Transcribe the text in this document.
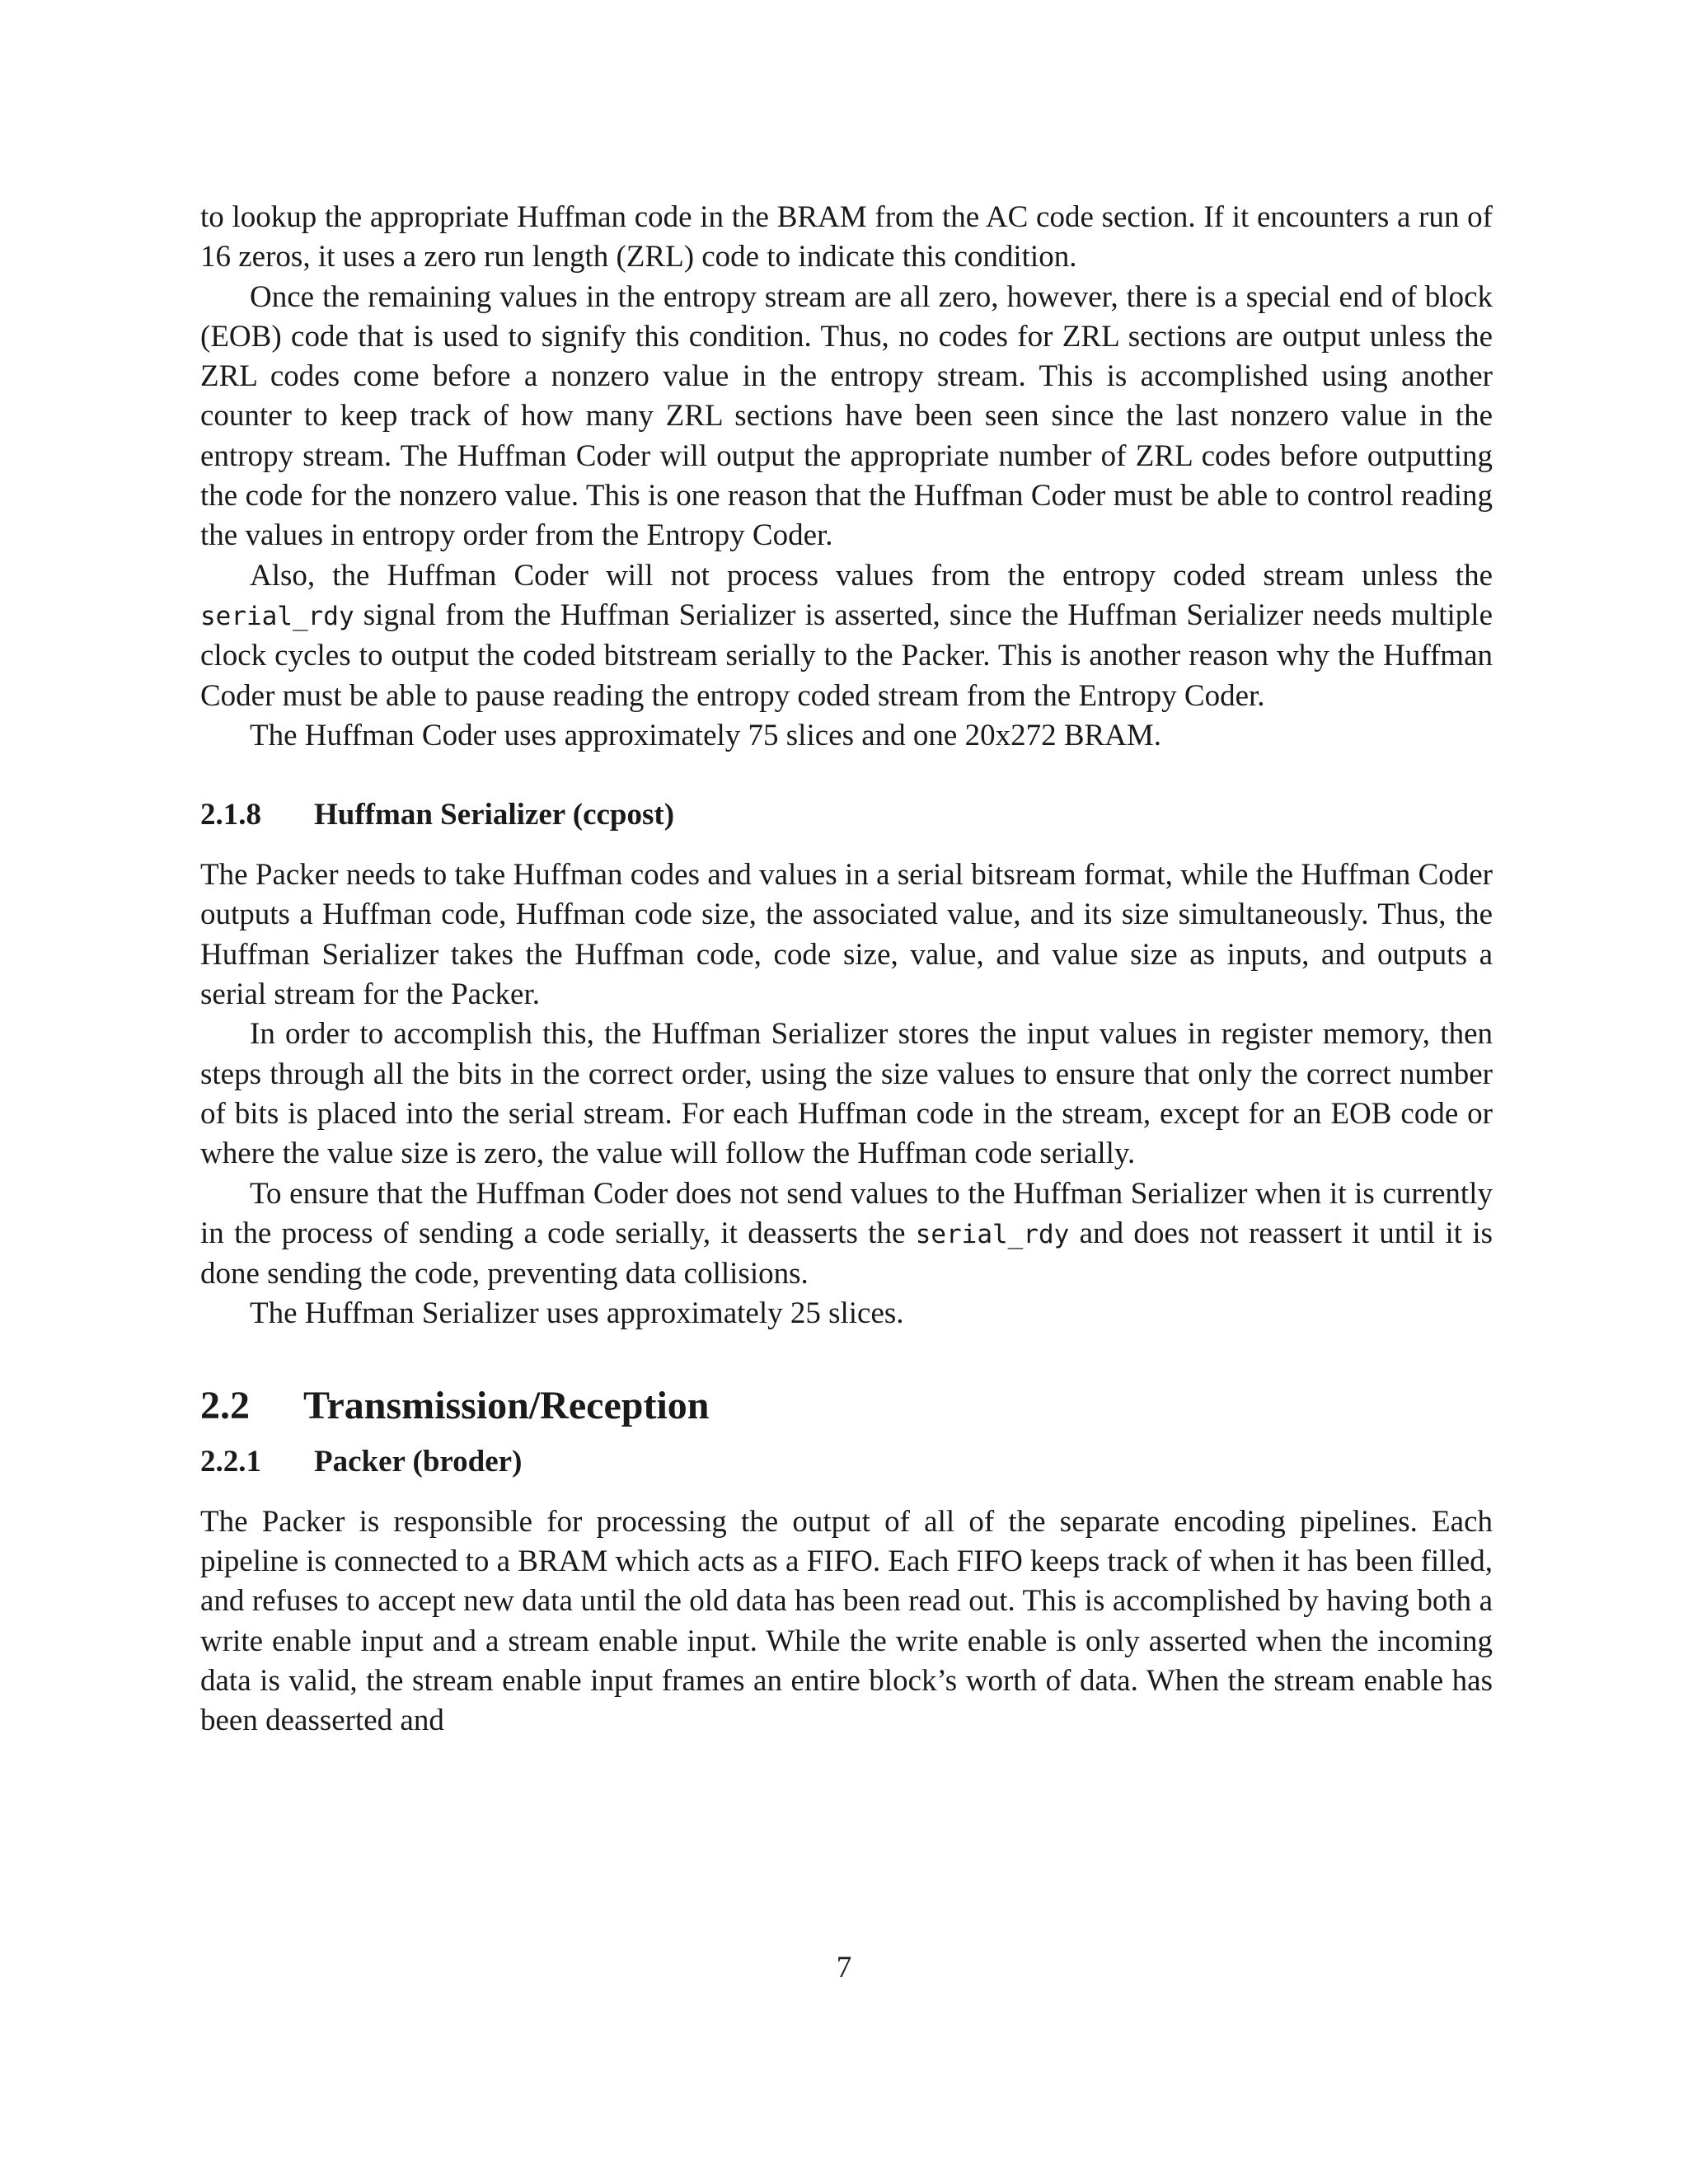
to lookup the appropriate Huffman code in the BRAM from the AC code section. If it encounters a run of 16 zeros, it uses a zero run length (ZRL) code to indicate this condition.

Once the remaining values in the entropy stream are all zero, however, there is a special end of block (EOB) code that is used to signify this condition. Thus, no codes for ZRL sections are output unless the ZRL codes come before a nonzero value in the entropy stream. This is accomplished using another counter to keep track of how many ZRL sections have been seen since the last nonzero value in the entropy stream. The Huffman Coder will output the appropriate number of ZRL codes before outputting the code for the nonzero value. This is one reason that the Huffman Coder must be able to control reading the values in entropy order from the Entropy Coder.

Also, the Huffman Coder will not process values from the entropy coded stream unless the serial_rdy signal from the Huffman Serializer is asserted, since the Huffman Serializer needs multiple clock cycles to output the coded bitstream serially to the Packer. This is another reason why the Huffman Coder must be able to pause reading the entropy coded stream from the Entropy Coder.

The Huffman Coder uses approximately 75 slices and one 20x272 BRAM.

2.1.8 Huffman Serializer (ccpost)

The Packer needs to take Huffman codes and values in a serial bitsream format, while the Huffman Coder outputs a Huffman code, Huffman code size, the associated value, and its size simultaneously. Thus, the Huffman Serializer takes the Huffman code, code size, value, and value size as inputs, and outputs a serial stream for the Packer.

In order to accomplish this, the Huffman Serializer stores the input values in register memory, then steps through all the bits in the correct order, using the size values to ensure that only the correct number of bits is placed into the serial stream. For each Huffman code in the stream, except for an EOB code or where the value size is zero, the value will follow the Huffman code serially.

To ensure that the Huffman Coder does not send values to the Huffman Serializer when it is currently in the process of sending a code serially, it deasserts the serial_rdy and does not reassert it until it is done sending the code, preventing data collisions.

The Huffman Serializer uses approximately 25 slices.

2.2 Transmission/Reception
2.2.1 Packer (broder)

The Packer is responsible for processing the output of all of the separate encoding pipelines. Each pipeline is connected to a BRAM which acts as a FIFO. Each FIFO keeps track of when it has been filled, and refuses to accept new data until the old data has been read out. This is accomplished by having both a write enable input and a stream enable input. While the write enable is only asserted when the incoming data is valid, the stream enable input frames an entire block’s worth of data. When the stream enable has been deasserted and

7
